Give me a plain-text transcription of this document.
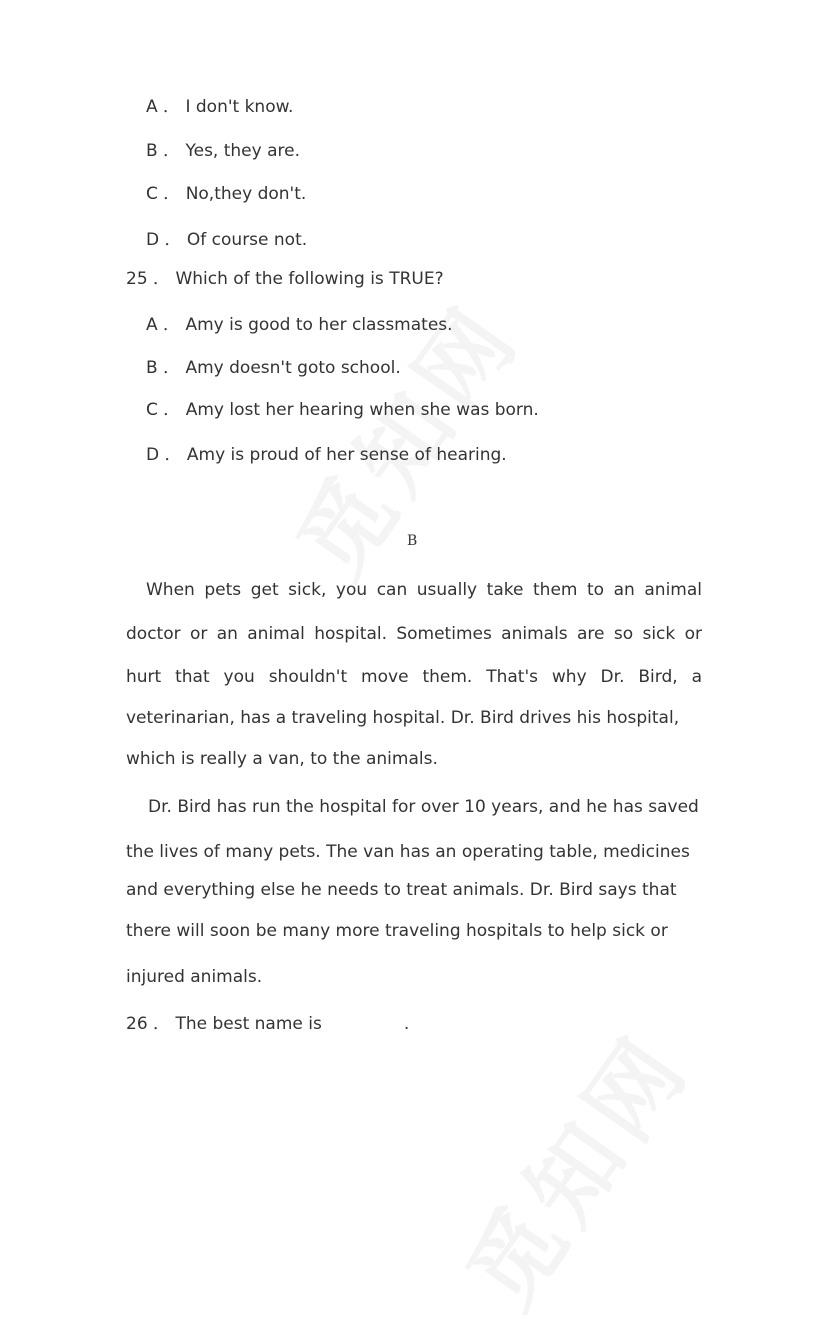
A ． I don't know.
B ． Yes, they are.
C ． No,they don't.
D ． Of course not.
25 ． Which of the following is TRUE?
A ． Amy is good to her classmates.
B ． Amy doesn't goto school.
C ． Amy lost her hearing when she was born.
D ． Amy is proud of her sense of hearing.
B
When pets get sick, you can usually take them to an animal
doctor or an animal hospital. Sometimes animals are so sick or
hurt that you shouldn't move them. That's why Dr. Bird, a
veterinarian, has a traveling hospital. Dr. Bird drives his hospital,
which is really a van, to the animals.
Dr. Bird has run the hospital for over 10 years, and he has saved
the lives of many pets. The van has an operating table, medicines
and everything else he needs to treat animals. Dr. Bird says that
there will soon be many more traveling hospitals to help sick or
injured animals.
26 ． The best name is	.
